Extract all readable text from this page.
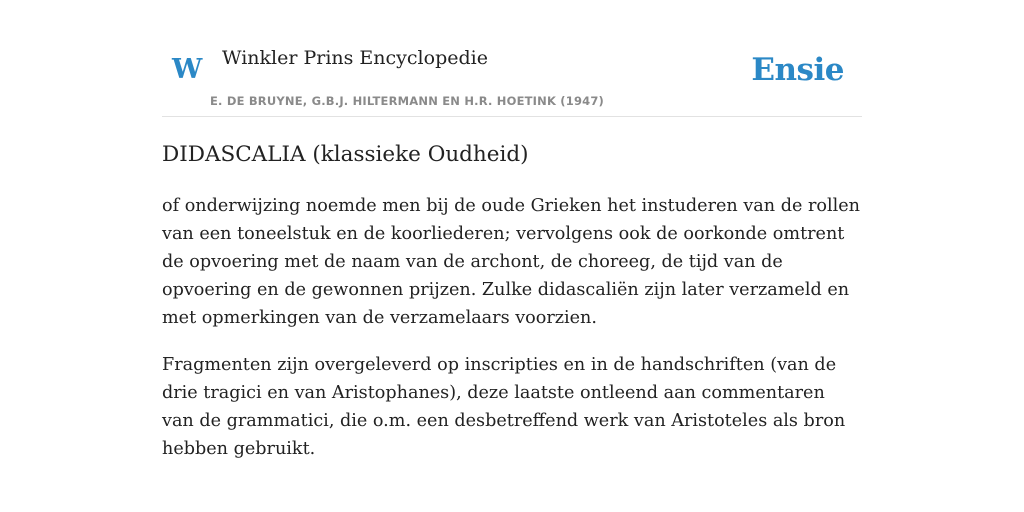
W Winkler Prins Encyclopedie
E. DE BRUYNE, G.B.J. HILTERMANN EN H.R. HOETINK (1947)
Ensie
DIDASCALIA (klassieke Oudheid)

of onderwijzing noemde men bij de oude Grieken het instuderen van de rollen van een toneelstuk en de koorliederen; vervolgens ook de oorkonde omtrent de opvoering met de naam van de archont, de choreeg, de tijd van de opvoering en de gewonnen prijzen. Zulke didascaliën zijn later verzameld en met opmerkingen van de verzamelaars voorzien.

Fragmenten zijn overgeleverd op inscripties en in de handschriften (van de drie tragici en van Aristophanes), deze laatste ontleend aan commentaren van de grammatici, die o.m. een desbetreffend werk van Aristoteles als bron hebben gebruikt.
